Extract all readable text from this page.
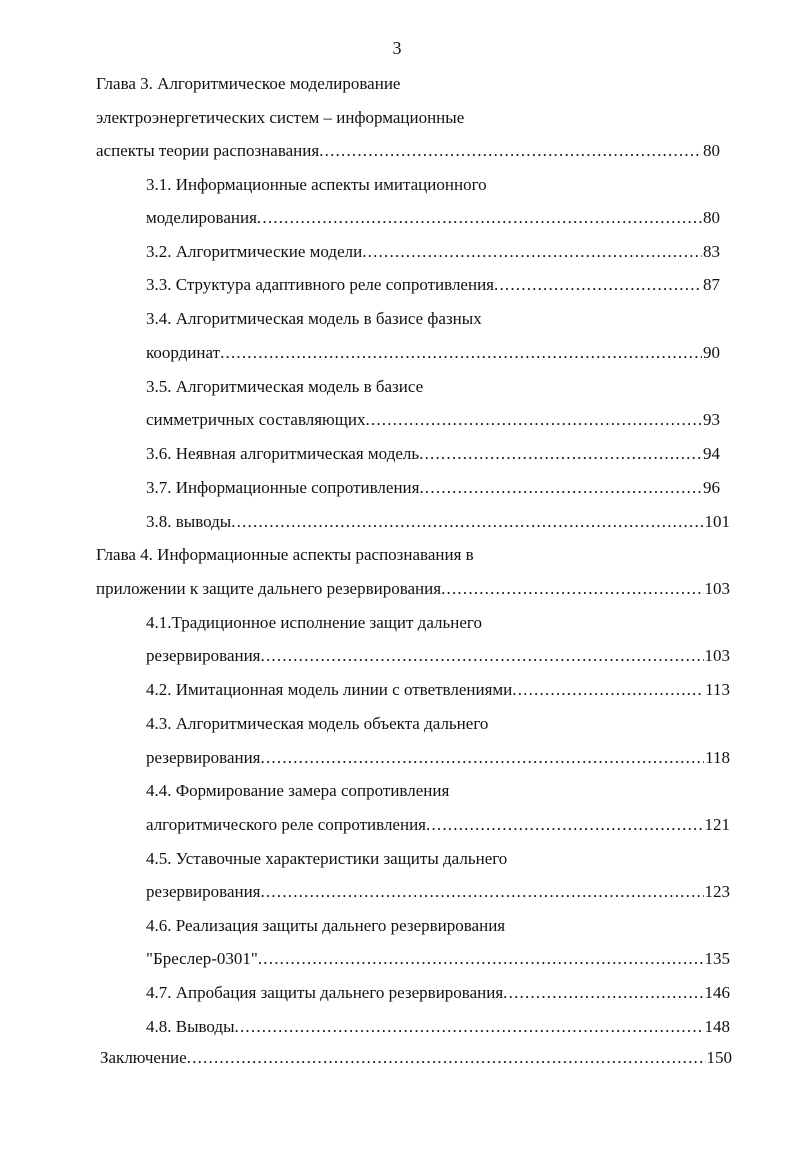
3
Глава 3. Алгоритмическое моделирование
электроэнергетических систем – информационные
аспекты теории распознавания .....	80
3.1. Информационные аспекты имитационного
моделирования .....	80
3.2. Алгоритмические модели .....	83
3.3. Структура адаптивного реле сопротивления .....	87
3.4. Алгоритмическая модель в базисе фазных
координат .....	90
3.5. Алгоритмическая модель в базисе
симметричных составляющих .....	93
3.6. Неявная алгоритмическая модель .....	94
3.7. Информационные сопротивления .....	96
3.8. выводы .....	101
Глава 4. Информационные аспекты распознавания в
приложении к защите дальнего резервирования .....	103
4.1.Традиционное исполнение защит дальнего
резервирования .....	103
4.2. Имитационная модель линии с ответвлениями .....	113
4.3. Алгоритмическая модель объекта дальнего
резервирования .....	118
4.4. Формирование замера сопротивления
алгоритмического реле сопротивления .....	121
4.5. Уставочные характеристики защиты дальнего
резервирования .....	123
4.6. Реализация защиты дальнего резервирования
"Бреслер-0301" .....	135
4.7. Апробация защиты дальнего резервирования .....	146
4.8. Выводы .....	148
Заключение .....	150
